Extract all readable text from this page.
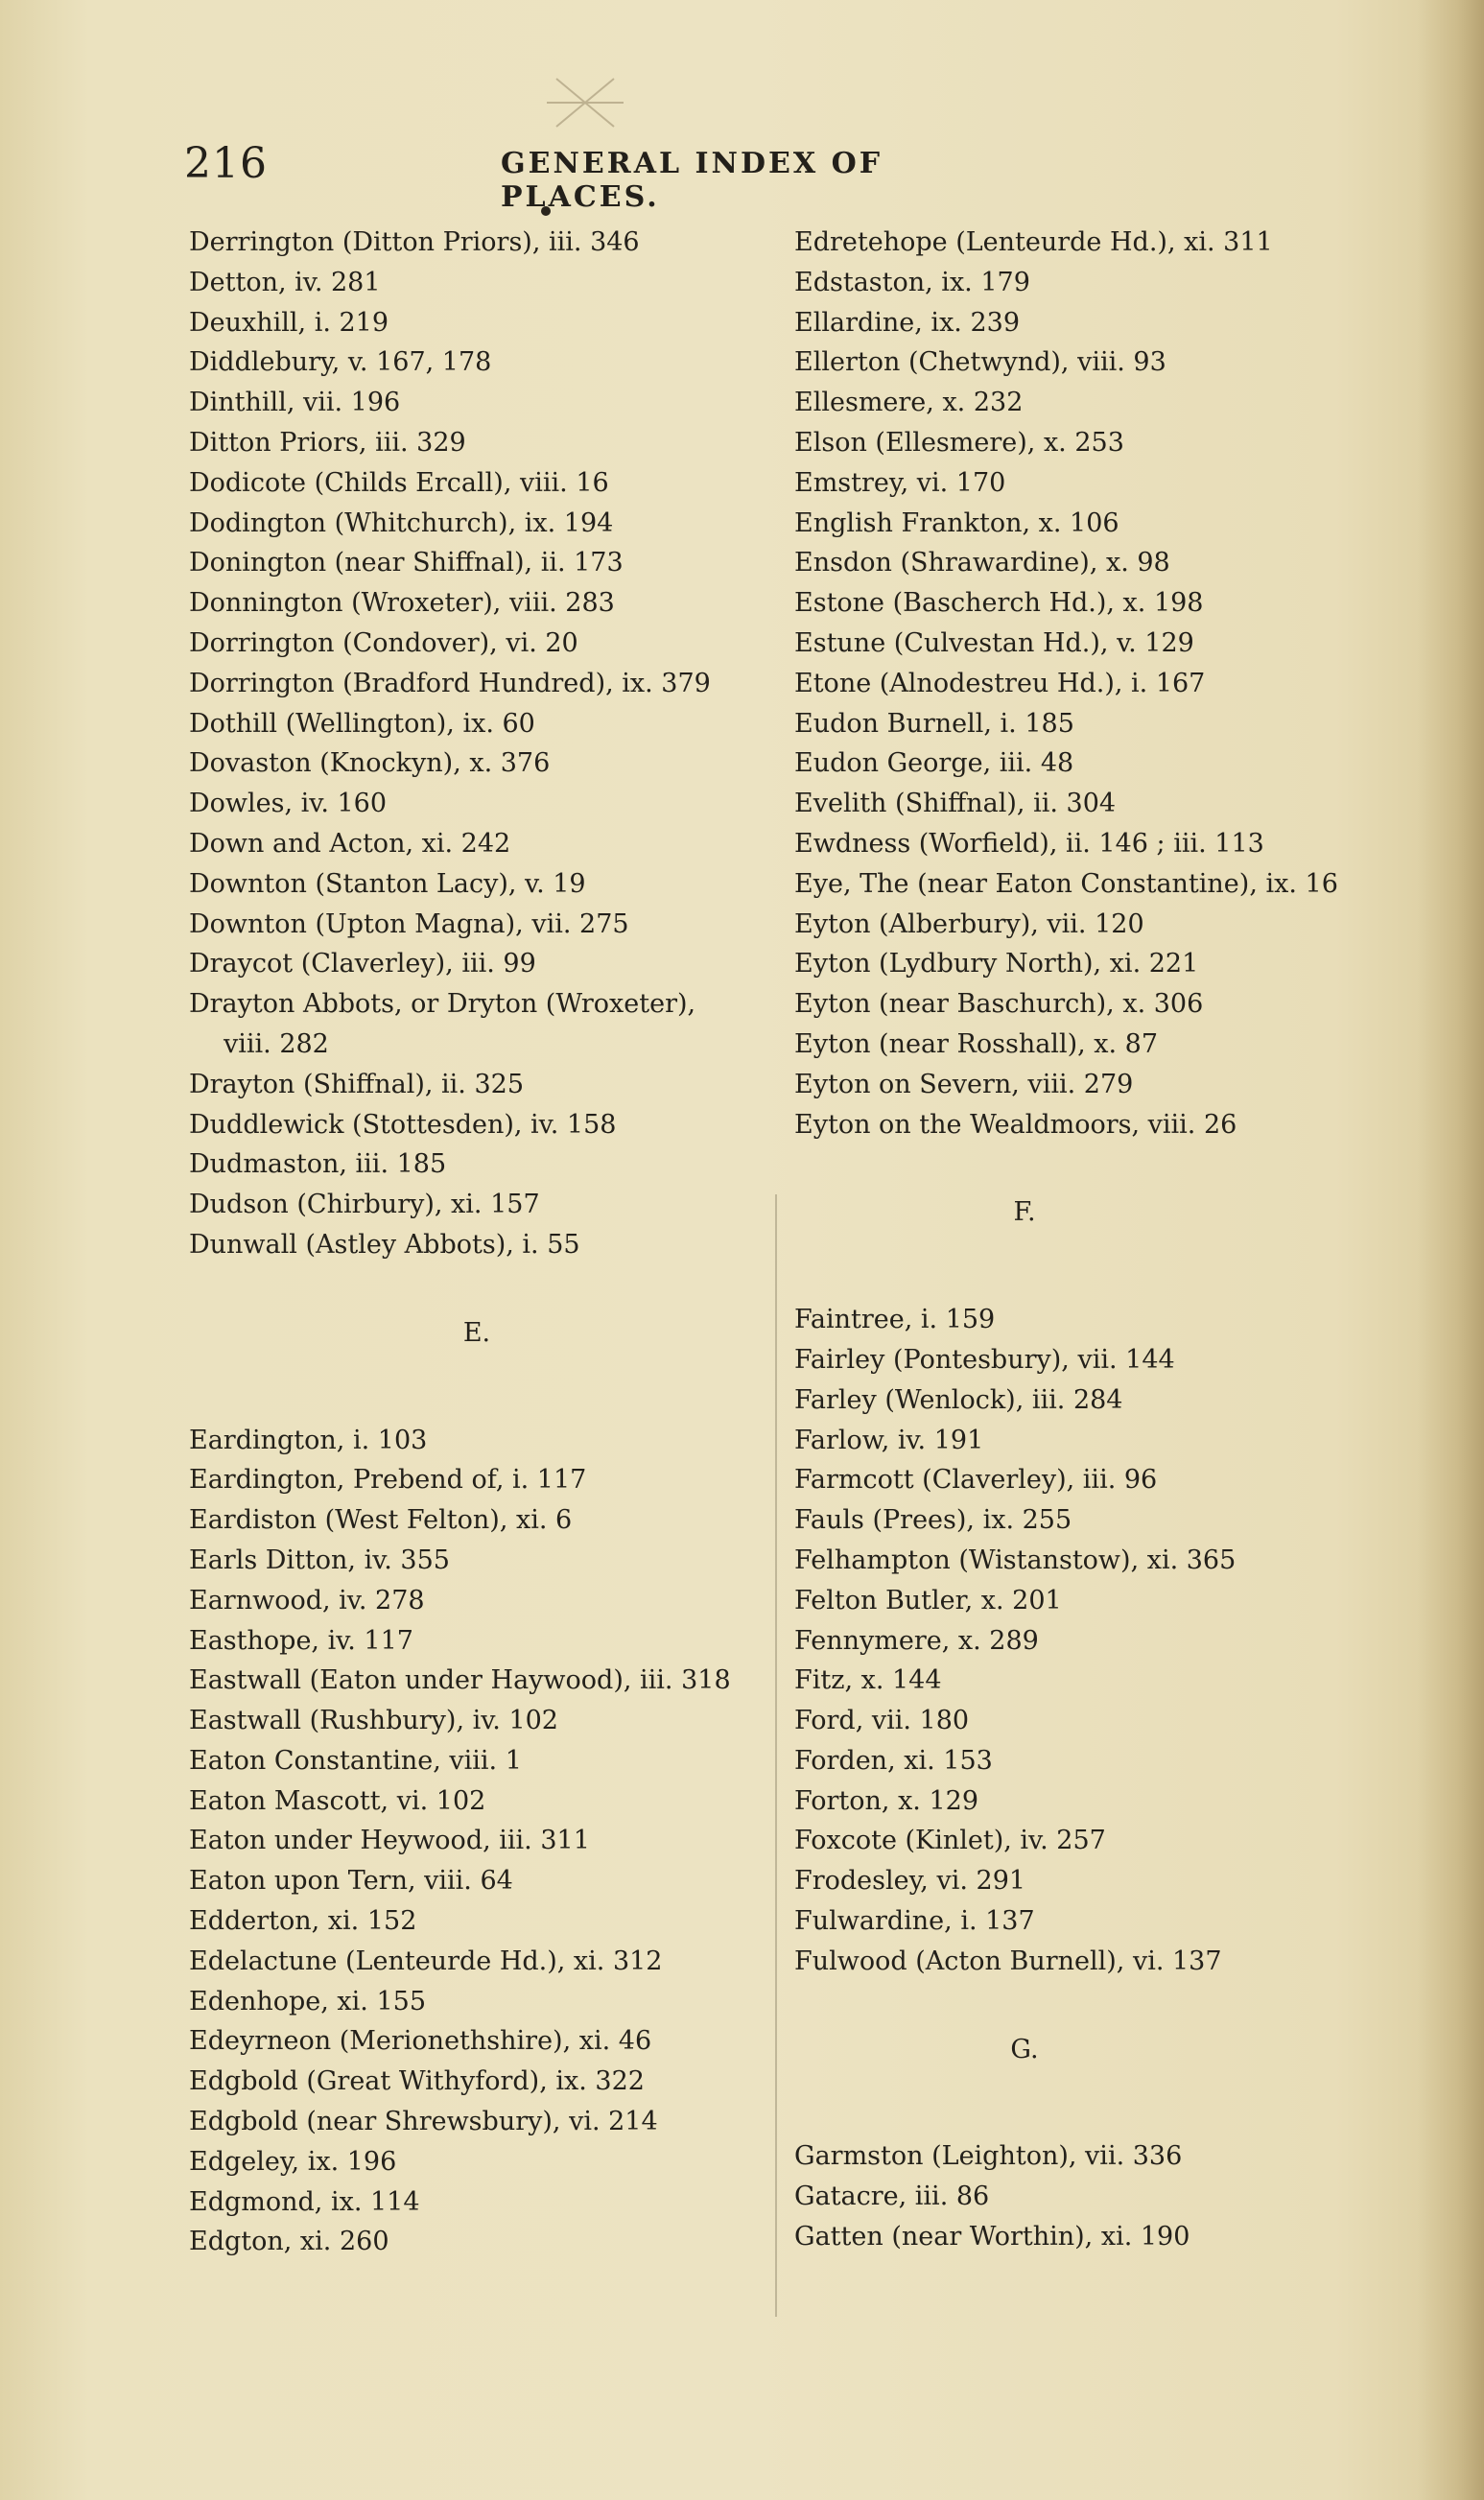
216	GENERAL INDEX OF PLACES.
Derrington (Ditton Priors), iii. 346
Detton, iv. 281
Deuxhill, i. 219
Diddlebury, v. 167, 178
Dinthill, vii. 196
Ditton Priors, iii. 329
Dodicote (Childs Ercall), viii. 16
Dodington (Whitchurch), ix. 194
Donington (near Shiffnal), ii. 173
Donnington (Wroxeter), viii. 283
Dorrington (Condover), vi. 20
Dorrington (Bradford Hundred), ix. 379
Dothill (Wellington), ix. 60
Dovaston (Knockyn), x. 376
Dowles, iv. 160
Down and Acton, xi. 242
Downton (Stanton Lacy), v. 19
Downton (Upton Magna), vii. 275
Draycot (Claverley), iii. 99
Drayton Abbots, or Dryton (Wroxeter),
viii. 282
Drayton (Shiffnal), ii. 325
Duddlewick (Stottesden), iv. 158
Dudmaston, iii. 185
Dudson (Chirbury), xi. 157
Dunwall (Astley Abbots), i. 55
E.
Eardington, i. 103
Eardington, Prebend of, i. 117
Eardiston (West Felton), xi. 6
Earls Ditton, iv. 355
Earnwood, iv. 278
Easthope, iv. 117
Eastwall (Eaton under Haywood), iii. 318
Eastwall (Rushbury), iv. 102
Eaton Constantine, viii. 1
Eaton Mascott, vi. 102
Eaton under Heywood, iii. 311
Eaton upon Tern, viii. 64
Edderton, xi. 152
Edelactune (Lenteurde Hd.), xi. 312
Edenhope, xi. 155
Edeyrneon (Merionethshire), xi. 46
Edgbold (Great Withyford), ix. 322
Edgbold (near Shrewsbury), vi. 214
Edgeley, ix. 196
Edgmond, ix. 114
Edgton, xi. 260
Edretehope (Lenteurde Hd.), xi. 311
Edstaston, ix. 179
Ellardine, ix. 239
Ellerton (Chetwynd), viii. 93
Ellesmere, x. 232
Elson (Ellesmere), x. 253
Emstrey, vi. 170
English Frankton, x. 106
Ensdon (Shrawardine), x. 98
Estone (Bascherch Hd.), x. 198
Estune (Culvestan Hd.), v. 129
Etone (Alnodestreu Hd.), i. 167
Eudon Burnell, i. 185
Eudon George, iii. 48
Evelith (Shiffnal), ii. 304
Ewdness (Worfield), ii. 146 ; iii. 113
Eye, The (near Eaton Constantine), ix. 16
Eyton (Alberbury), vii. 120
Eyton (Lydbury North), xi. 221
Eyton (near Baschurch), x. 306
Eyton (near Rosshall), x. 87
Eyton on Severn, viii. 279
Eyton on the Wealdmoors, viii. 26
F.
Faintree, i. 159
Fairley (Pontesbury), vii. 144
Farley (Wenlock), iii. 284
Farlow, iv. 191
Farmcott (Claverley), iii. 96
Fauls (Prees), ix. 255
Felhampton (Wistanstow), xi. 365
Felton Butler, x. 201
Fennymere, x. 289
Fitz, x. 144
Ford, vii. 180
Forden, xi. 153
Forton, x. 129
Foxcote (Kinlet), iv. 257
Frodesley, vi. 291
Fulwardine, i. 137
Fulwood (Acton Burnell), vi. 137
G.
Garmston (Leighton), vii. 336
Gatacre, iii. 86
Gatten (near Worthin), xi. 190
